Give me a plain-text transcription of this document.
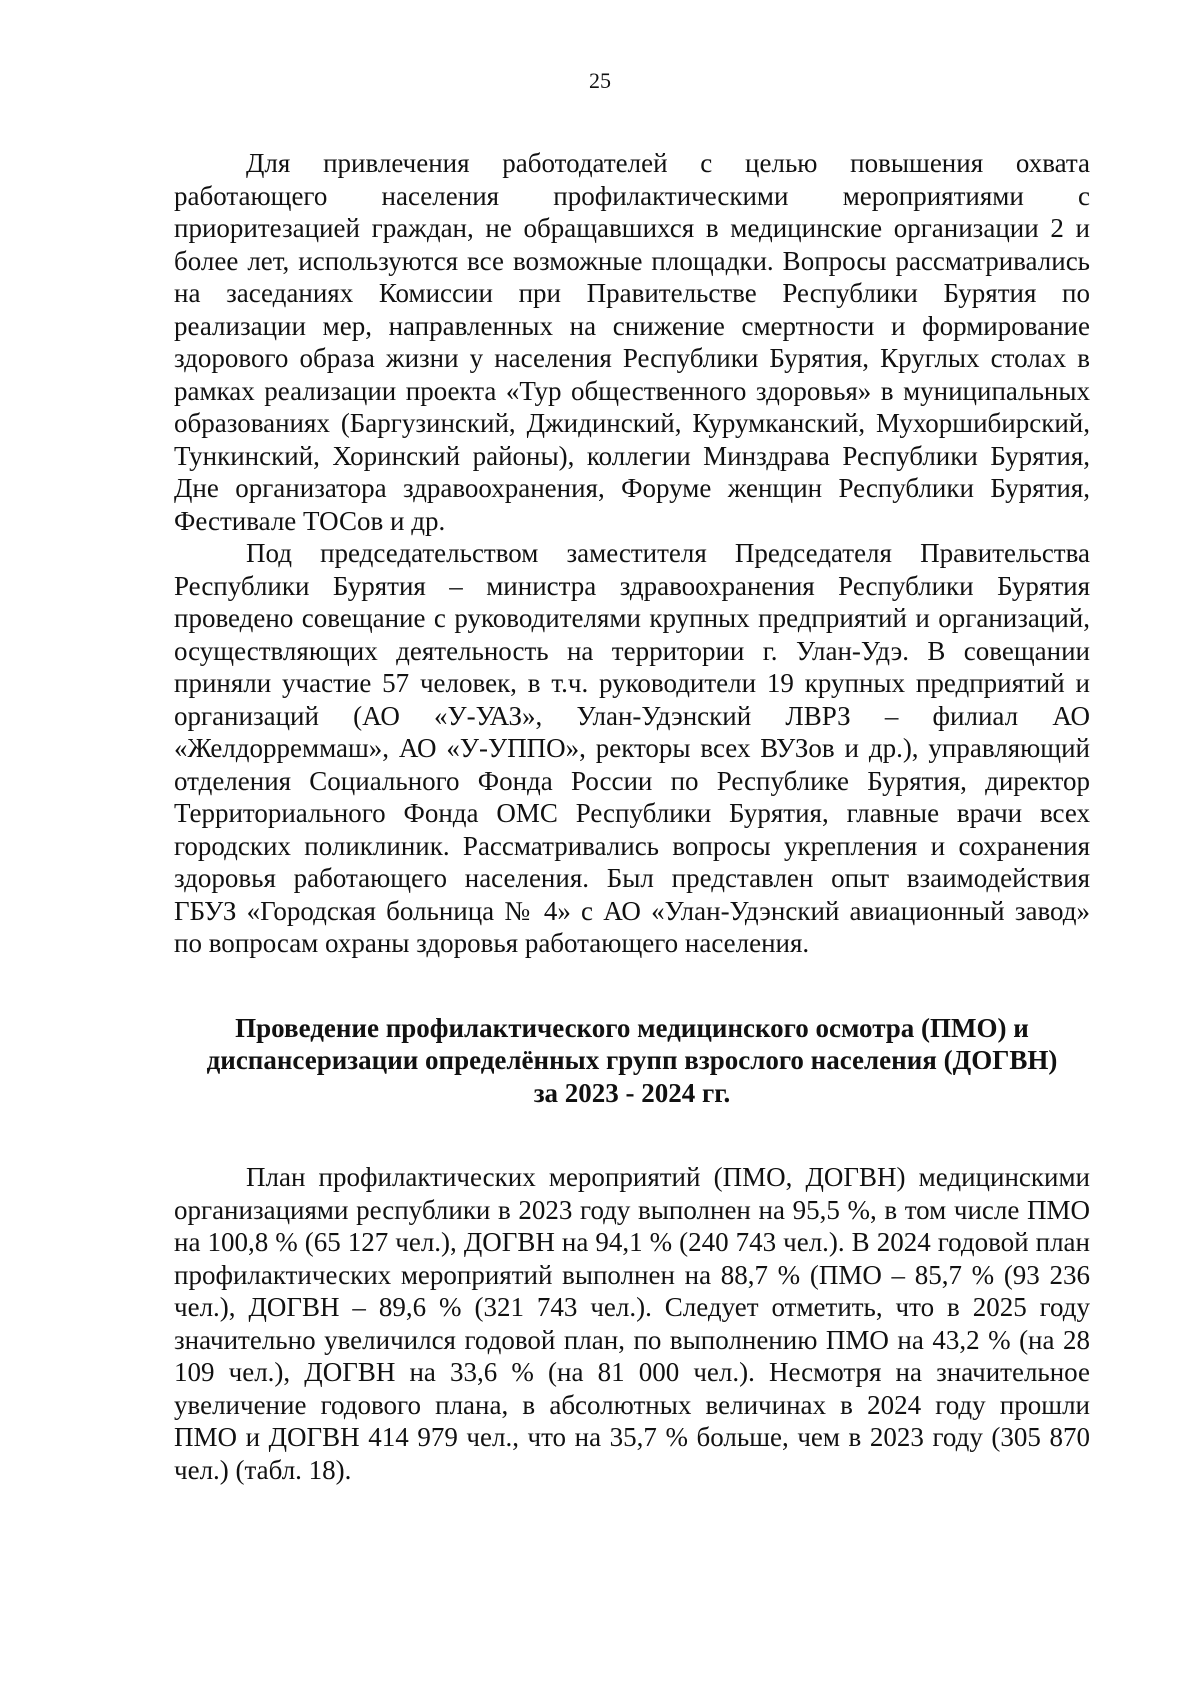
25

Для привлечения работодателей с целью повышения охвата работающего населения профилактическими мероприятиями с приоритезацией граждан, не обращавшихся в медицинские организации 2 и более лет, используются все возможные площадки. Вопросы рассматривались на заседаниях Комиссии при Правительстве Республики Бурятия по реализации мер, направленных на снижение смертности и формирование здорового образа жизни у населения Республики Бурятия, Круглых столах в рамках реализации проекта «Тур общественного здоровья» в муниципальных образованиях (Баргузинский, Джидинский, Курумканский, Мухоршибирский, Тункинский, Хоринский районы), коллегии Минздрава Республики Бурятия, Дне организатора здравоохранения, Форуме женщин Республики Бурятия, Фестивале ТОСов и др.

Под председательством заместителя Председателя Правительства Республики Бурятия – министра здравоохранения Республики Бурятия проведено совещание с руководителями крупных предприятий и организаций, осуществляющих деятельность на территории г. Улан-Удэ. В совещании приняли участие 57 человек, в т.ч. руководители 19 крупных предприятий и организаций (АО «У-УАЗ», Улан-Удэнский ЛВРЗ – филиал АО «Желдорреммаш», АО «У-УППО», ректоры всех ВУЗов и др.), управляющий отделения Социального Фонда России по Республике Бурятия, директор Территориального Фонда ОМС Республики Бурятия, главные врачи всех городских поликлиник. Рассматривались вопросы укрепления и сохранения здоровья работающего населения. Был представлен опыт взаимодействия ГБУЗ «Городская больница № 4» с АО «Улан-Удэнский авиационный завод» по вопросам охраны здоровья работающего населения.

Проведение профилактического медицинского осмотра (ПМО) и
диспансеризации определённых групп взрослого населения (ДОГВН)
за 2023 - 2024 гг.

План профилактических мероприятий (ПМО, ДОГВН) медицинскими организациями республики в 2023 году выполнен на 95,5 %, в том числе ПМО на 100,8 % (65 127 чел.), ДОГВН на 94,1 % (240 743 чел.). В 2024 годовой план профилактических мероприятий выполнен на 88,7 % (ПМО – 85,7 % (93 236 чел.), ДОГВН – 89,6 % (321 743 чел.). Следует отметить, что в 2025 году значительно увеличился годовой план, по выполнению ПМО на 43,2 % (на 28 109 чел.), ДОГВН на 33,6 % (на 81 000 чел.). Несмотря на значительное увеличение годового плана, в абсолютных величинах в 2024 году прошли ПМО и ДОГВН 414 979 чел., что на 35,7 % больше, чем в 2023 году (305 870 чел.) (табл. 18).
